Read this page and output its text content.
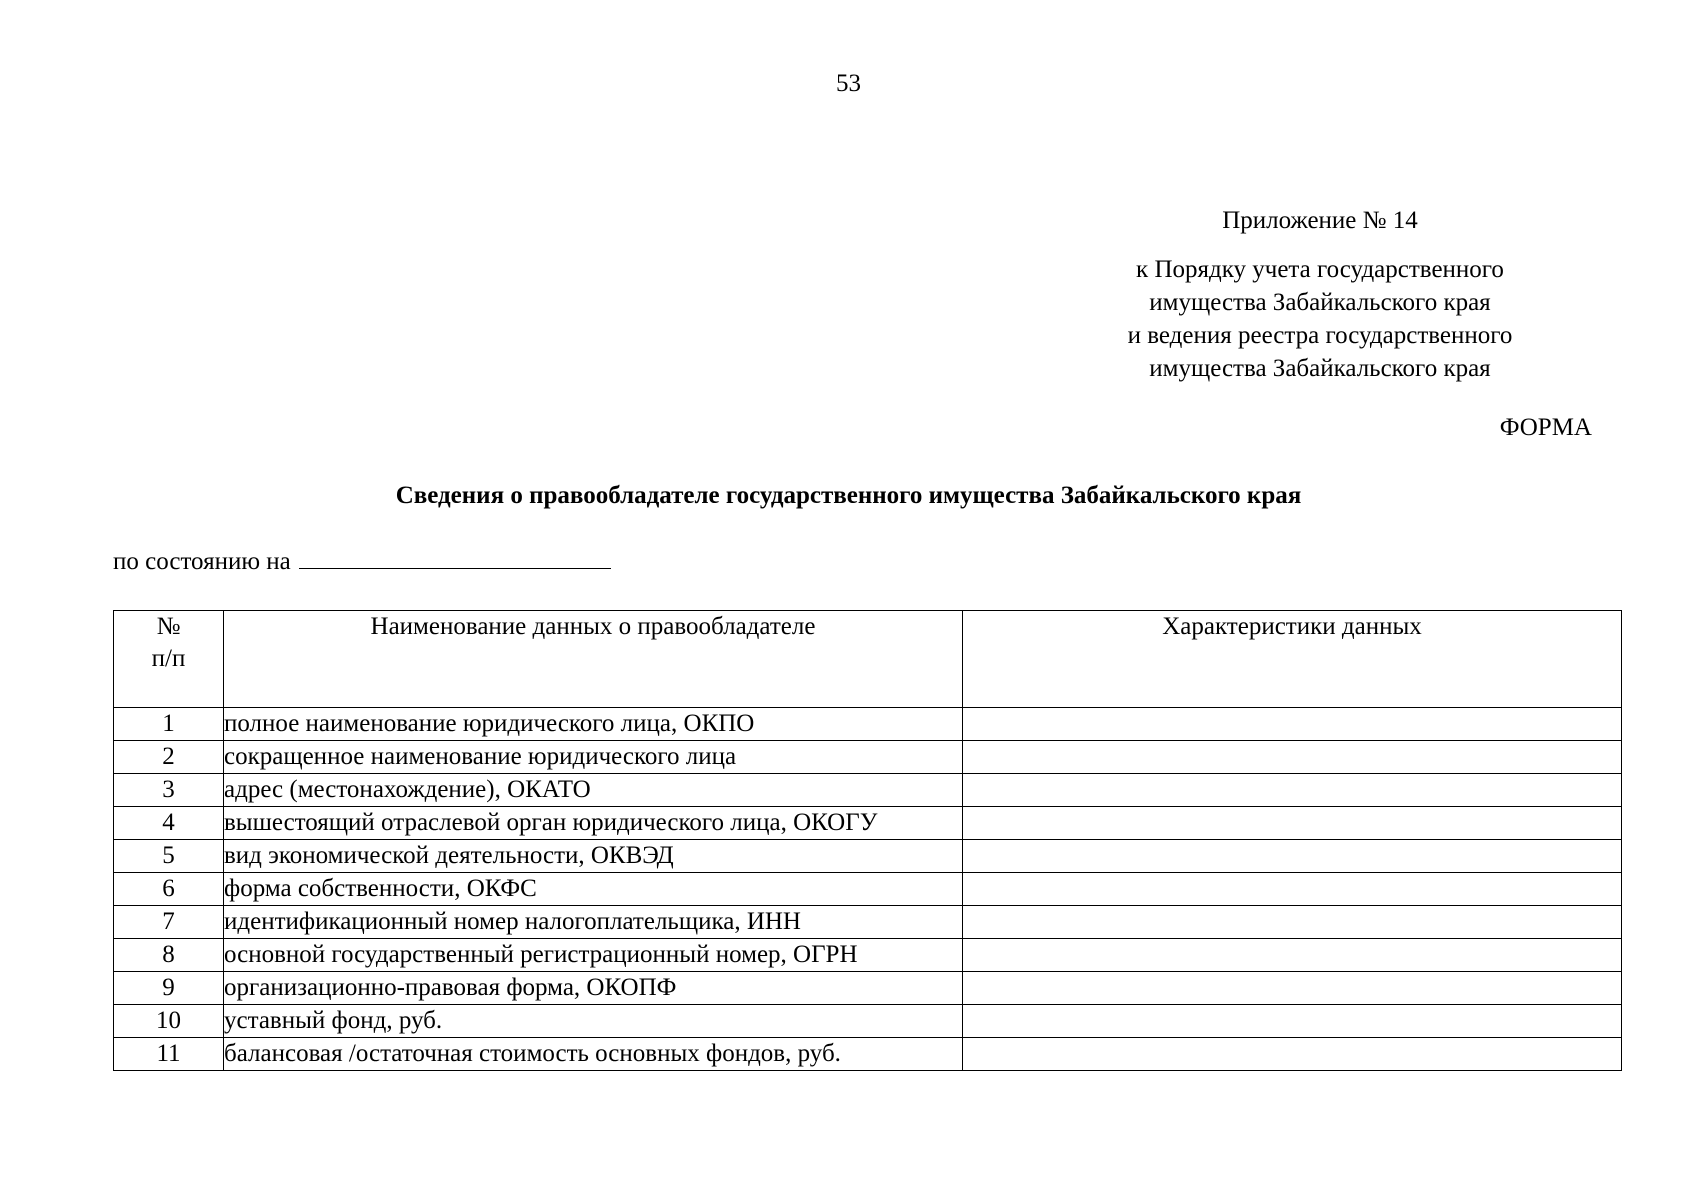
53
Приложение № 14
к Порядку учета государственного
имущества Забайкальского края
и ведения реестра государственного
имущества Забайкальского края
ФОРМА
Сведения о правообладателе государственного имущества Забайкальского края
по состоянию на
№ п/п	Наименование данных о правообладателе	Характеристики данных
1	полное наименование юридического лица, ОКПО	
2	сокращенное наименование юридического лица	
3	адрес (местонахождение), ОКАТО	
4	вышестоящий отраслевой орган юридического лица, ОКОГУ	
5	вид экономической деятельности, ОКВЭД	
6	форма собственности, ОКФС	
7	идентификационный номер налогоплательщика, ИНН	
8	основной государственный регистрационный номер, ОГРН	
9	организационно-правовая форма, ОКОПФ	
10	уставный фонд, руб.	
11	балансовая /остаточная стоимость основных фондов, руб.	
